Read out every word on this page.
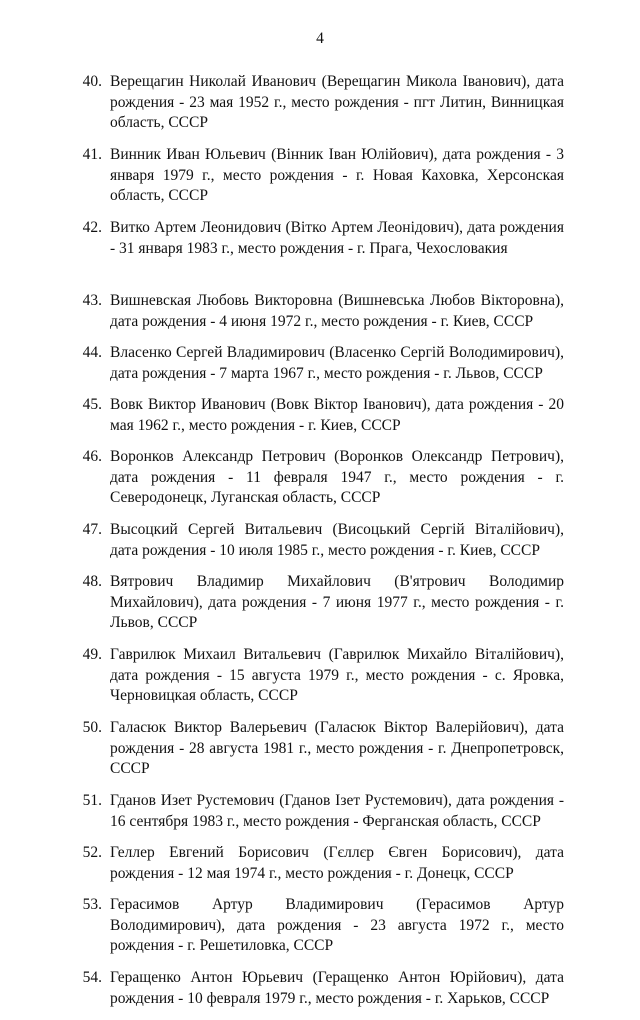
4
40. Верещагин Николай Иванович (Верещагин Микола Іванович), дата рождения - 23 мая 1952 г., место рождения - пгт Литин, Винницкая область, СССР
41. Винник Иван Юльевич (Вінник Іван Юлійович), дата рождения - 3 января 1979 г., место рождения - г. Новая Каховка, Херсонская область, СССР
42. Витко Артем Леонидович (Вітко Артем Леонідович), дата рождения - 31 января 1983 г., место рождения - г. Прага, Чехословакия
43. Вишневская Любовь Викторовна (Вишневська Любов Вікторовна), дата рождения - 4 июня 1972 г., место рождения - г. Киев, СССР
44. Власенко Сергей Владимирович (Власенко Сергій Володимирович), дата рождения - 7 марта 1967 г., место рождения - г. Львов, СССР
45. Вовк Виктор Иванович (Вовк Віктор Іванович), дата рождения - 20 мая 1962 г., место рождения - г. Киев, СССР
46. Воронков Александр Петрович (Воронков Олександр Петрович), дата рождения - 11 февраля 1947 г., место рождения - г. Северодонецк, Луганская область, СССР
47. Высоцкий Сергей Витальевич (Висоцький Сергій Віталійович), дата рождения - 10 июля 1985 г., место рождения - г. Киев, СССР
48. Вятрович Владимир Михайлович (В'ятрович Володимир Михайлович), дата рождения - 7 июня 1977 г., место рождения - г. Львов, СССР
49. Гаврилюк Михаил Витальевич (Гаврилюк Михайло Віталійович), дата рождения - 15 августа 1979 г., место рождения - с. Яровка, Черновицкая область, СССР
50. Галасюк Виктор Валерьевич (Галасюк Віктор Валерійович), дата рождения - 28 августа 1981 г., место рождения - г. Днепропетровск, СССР
51. Гданов Изет Рустемович (Гданов Ізет Рустемович), дата рождения - 16 сентября 1983 г., место рождения - Ферганская область, СССР
52. Геллер Евгений Борисович (Гєллєр Євген Борисович), дата рождения - 12 мая 1974 г., место рождения - г. Донецк, СССР
53. Герасимов Артур Владимирович (Герасимов Артур Володимирович), дата рождения - 23 августа 1972 г., место рождения - г. Решетиловка, СССР
54. Геращенко Антон Юрьевич (Геращенко Антон Юрійович), дата рождения - 10 февраля 1979 г., место рождения - г. Харьков, СССР
